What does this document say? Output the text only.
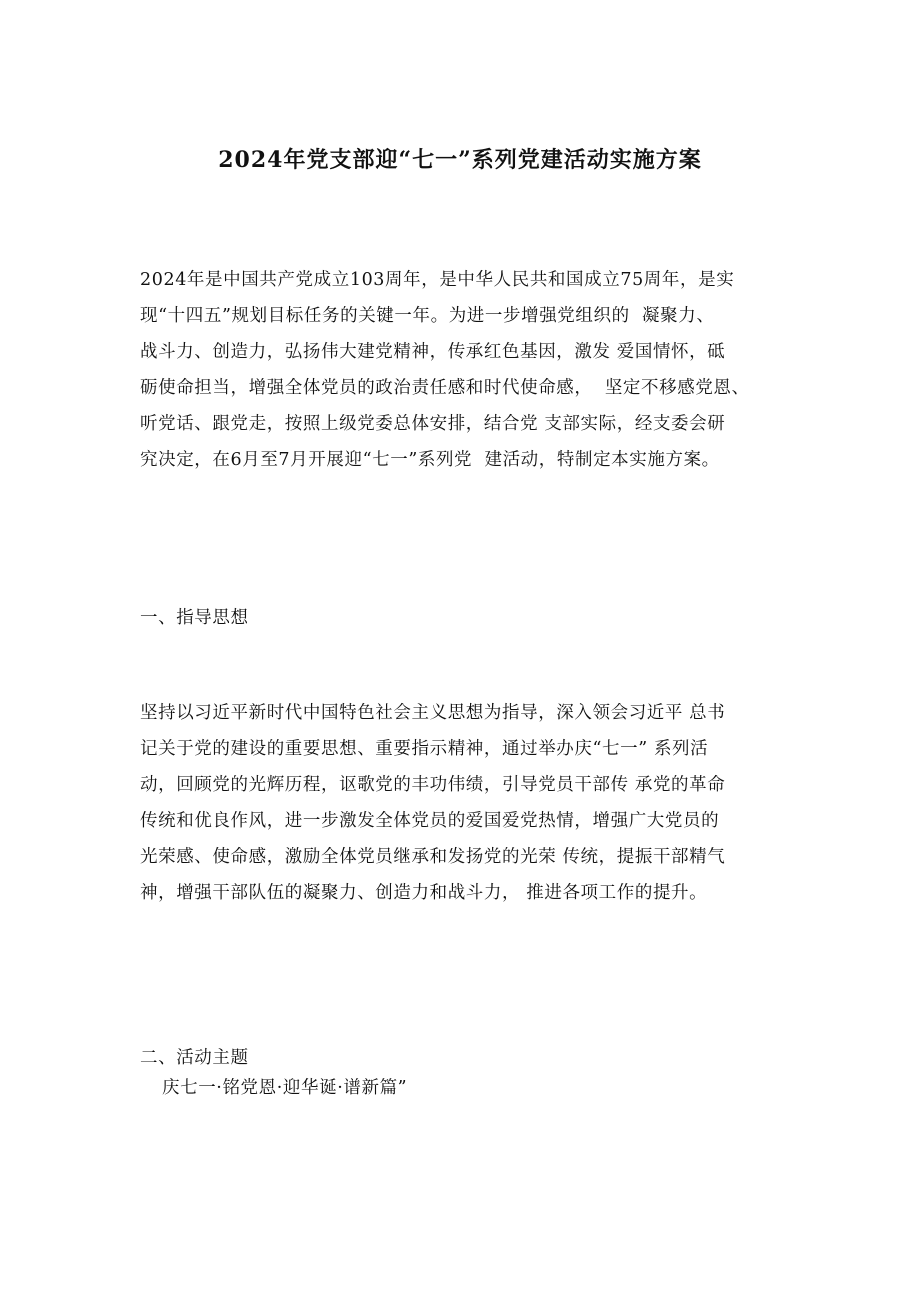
2024年党支部迎“七一”系列党建活动实施方案
2024年是中国共产党成立103周年，是中华人民共和国成立75周年，是实
现“十四五”规划目标任务的关键一年。为进一步增强党组织的  凝聚力、
战斗力、创造力，弘扬伟大建党精神，传承红色基因，激发 爱国情怀，砥
砺使命担当，增强全体党员的政治责任感和时代使命感，  坚定不移感党恩、
听党话、跟党走，按照上级党委总体安排，结合党 支部实际，经支委会研
究决定，在6月至7月开展迎“七一”系列党  建活动，特制定本实施方案。
一、指导思想
坚持以习近平新时代中国特色社会主义思想为指导，深入领会习近平 总书
记关于党的建设的重要思想、重要指示精神，通过举办庆“七一” 系列活
动，回顾党的光辉历程，讴歌党的丰功伟绩，引导党员干部传 承党的革命
传统和优良作风，进一步激发全体党员的爱国爱党热情，增强广大党员的
光荣感、使命感，激励全体党员继承和发扬党的光荣 传统，提振干部精气
神，增强干部队伍的凝聚力、创造力和战斗力， 推进各项工作的提升。
二、活动主题
庆七一·铭党恩·迎华诞·谱新篇”
